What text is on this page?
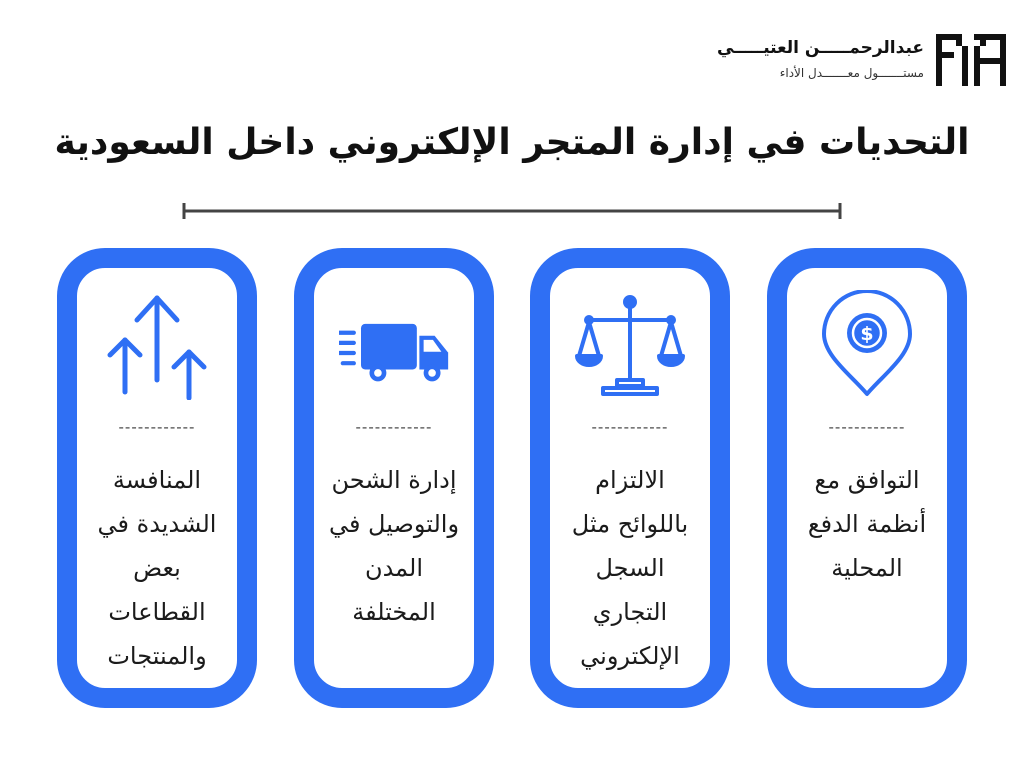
عبدالرحمـــــن العتيـــــي
مستـــــــول معـــــــدل الأداء
التحديات في إدارة المتجر الإلكتروني داخل السعودية
------------
المنافسة الشديدة في بعض القطاعات والمنتجات
------------
إدارة الشحن والتوصيل في المدن المختلفة
------------
الالتزام باللوائح مثل السجل التجاري الإلكتروني
$
------------
التوافق مع أنظمة الدفع المحلية
